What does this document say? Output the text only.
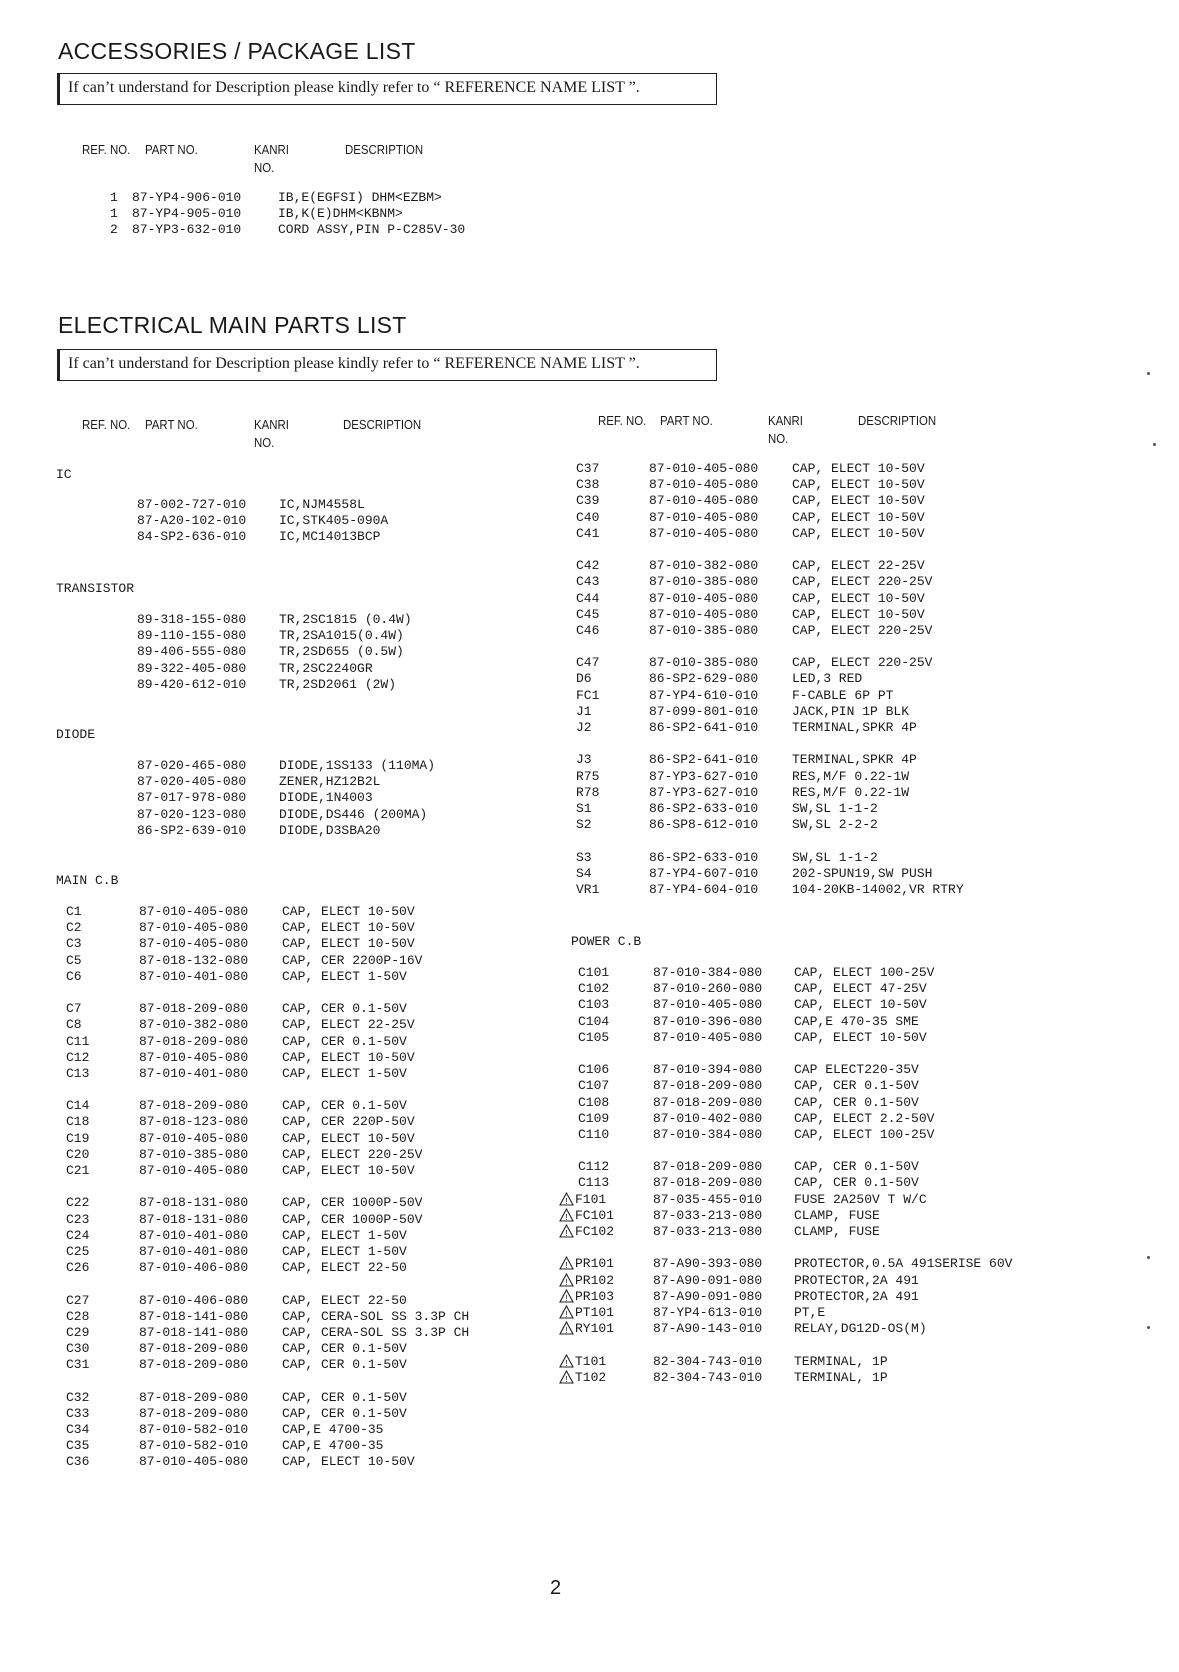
ACCESSORIES / PACKAGE LIST
If can’t understand for Description please kindly refer to “ REFERENCE NAME LIST ”.
REF. NO. PART NO.	KANRI
NO.
DESCRIPTION
1 87-YP4-906-010	IB,E(EGFSI) DHM<EZBM>
1 87-YP4-905-010	IB,K(E)DHM<KBNM>
2 87-YP3-632-010	CORD ASSY,PIN P-C285V-30
ELECTRICAL MAIN PARTS LIST
If can’t understand for Description please kindly refer to “ REFERENCE NAME LIST ”.
REF. NO. PART NO.	KANRI
NO.
DESCRIPTION	REF. NO. PART NO.	KANRI
NO.
DESCRIPTION
IC
87-002-727-010	IC,NJM4558L
87-A20-102-010	IC,STK405-090A
84-SP2-636-010	IC,MC14013BCP
TRANSISTOR
89-318-155-080	TR,2SC1815 (0.4W)
89-110-155-080	TR,2SA1015(0.4W)
89-406-555-080	TR,2SD655 (0.5W)
89-322-405-080	TR,2SC2240GR
89-420-612-010	TR,2SD2061 (2W)
DIODE
87-020-465-080	DIODE,1SS133 (110MA)
87-020-405-080	ZENER,HZ12B2L
87-017-978-080	DIODE,1N4003
87-020-123-080	DIODE,DS446 (200MA)
86-SP2-639-010	DIODE,D3SBA20
MAIN C.B
C1	87-010-405-080	CAP, ELECT 10-50V
C2	87-010-405-080	CAP, ELECT 10-50V
C3	87-010-405-080	CAP, ELECT 10-50V
C5	87-018-132-080	CAP, CER 2200P-16V
C6	87-010-401-080	CAP, ELECT 1-50V
C7	87-018-209-080	CAP, CER 0.1-50V
C8	87-010-382-080	CAP, ELECT 22-25V
C11	87-018-209-080	CAP, CER 0.1-50V
C12	87-010-405-080	CAP, ELECT 10-50V
C13	87-010-401-080	CAP, ELECT 1-50V
C14	87-018-209-080	CAP, CER 0.1-50V
C18	87-018-123-080	CAP, CER 220P-50V
C19	87-010-405-080	CAP, ELECT 10-50V
C20	87-010-385-080	CAP, ELECT 220-25V
C21	87-010-405-080	CAP, ELECT 10-50V
C22	87-018-131-080	CAP, CER 1000P-50V
C23	87-018-131-080	CAP, CER 1000P-50V
C24	87-010-401-080	CAP, ELECT 1-50V
C25	87-010-401-080	CAP, ELECT 1-50V
C26	87-010-406-080	CAP, ELECT 22-50
C27	87-010-406-080	CAP, ELECT 22-50
C28	87-018-141-080	CAP, CERA-SOL SS 3.3P CH
C29	87-018-141-080	CAP, CERA-SOL SS 3.3P CH
C30	87-018-209-080	CAP, CER 0.1-50V
C31	87-018-209-080	CAP, CER 0.1-50V
C32	87-018-209-080	CAP, CER 0.1-50V
C33	87-018-209-080	CAP, CER 0.1-50V
C34	87-010-582-010	CAP,E 4700-35
C35	87-010-582-010	CAP,E 4700-35
C36	87-010-405-080	CAP, ELECT 10-50V
C37	87-010-405-080	CAP, ELECT 10-50V
C38	87-010-405-080	CAP, ELECT 10-50V
C39	87-010-405-080	CAP, ELECT 10-50V
C40	87-010-405-080	CAP, ELECT 10-50V
C41	87-010-405-080	CAP, ELECT 10-50V
C42	87-010-382-080	CAP, ELECT 22-25V
C43	87-010-385-080	CAP, ELECT 220-25V
C44	87-010-405-080	CAP, ELECT 10-50V
C45	87-010-405-080	CAP, ELECT 10-50V
C46	87-010-385-080	CAP, ELECT 220-25V
C47	87-010-385-080	CAP, ELECT 220-25V
D6	86-SP2-629-080	LED,3 RED
FC1	87-YP4-610-010	F-CABLE 6P PT
J1	87-099-801-010	JACK,PIN 1P BLK
J2	86-SP2-641-010	TERMINAL,SPKR 4P
J3	86-SP2-641-010	TERMINAL,SPKR 4P
R75	87-YP3-627-010	RES,M/F 0.22-1W
R78	87-YP3-627-010	RES,M/F 0.22-1W
S1	86-SP2-633-010	SW,SL 1-1-2
S2	86-SP8-612-010	SW,SL 2-2-2
S3	86-SP2-633-010	SW,SL 1-1-2
S4	87-YP4-607-010	202-SPUN19,SW PUSH
VR1	87-YP4-604-010	104-20KB-14002,VR RTRY
POWER C.B
C101	87-010-384-080 CAP, ELECT 100-25V
C102	87-010-260-080 CAP, ELECT 47-25V
C103	87-010-405-080 CAP, ELECT 10-50V
C104	87-010-396-080 CAP,E 470-35 SME
C105	87-010-405-080 CAP, ELECT 10-50V
C106	87-010-394-080 CAP ELECT220-35V
C107	87-018-209-080 CAP, CER 0.1-50V
C108	87-018-209-080 CAP, CER 0.1-50V
C109	87-010-402-080 CAP, ELECT 2.2-50V
C110	87-010-384-080 CAP, ELECT 100-25V
C112	87-018-209-080 CAP, CER 0.1-50V
C113	87-018-209-080 CAP, CER 0.1-50V
! F101	87-035-455-010 FUSE 2A250V T W/C
! FC101	87-033-213-080 CLAMP, FUSE
! FC102	87-033-213-080 CLAMP, FUSE
! PR101	87-A90-393-080 PROTECTOR,0.5A 491SERISE 60V
! PR102	87-A90-091-080 PROTECTOR,2A 491
! PR103	87-A90-091-080 PROTECTOR,2A 491
! PT101	87-YP4-613-010 PT,E
! RY101	87-A90-143-010 RELAY,DG12D-OS(M)
! T101	82-304-743-010 TERMINAL, 1P
! T102	82-304-743-010 TERMINAL, 1P
2
